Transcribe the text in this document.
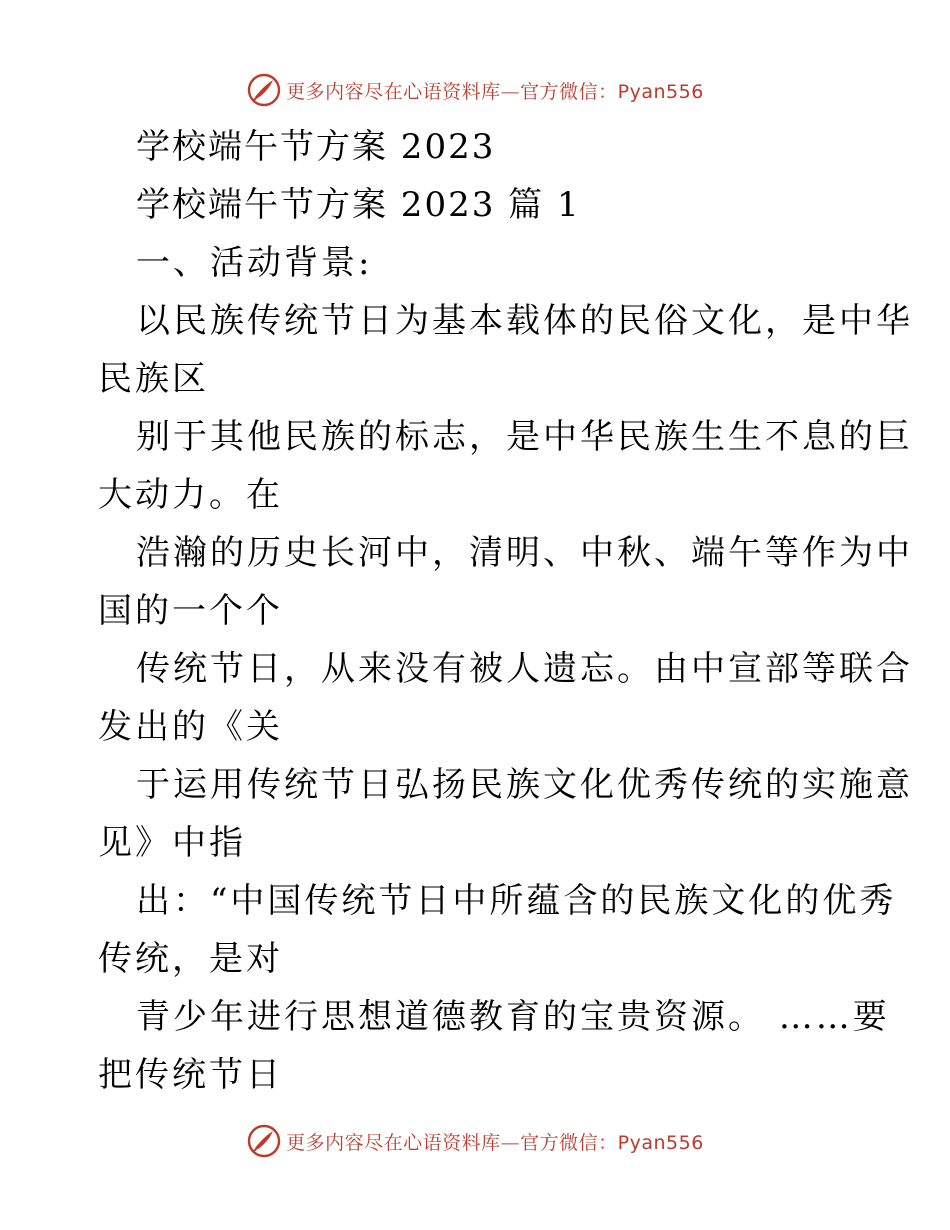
更多内容尽在心语资料库—官方微信：Pyan556
学校端午节方案 2023
学校端午节方案 2023 篇 1
一、活动背景:
以民族传统节日为基本载体的民俗文化，是中华
民族区
别于其他民族的标志，是中华民族生生不息的巨
大动力。在
浩瀚的历史长河中，清明、中秋、端午等作为中
国的一个个
传统节日，从来没有被人遗忘。由中宣部等联合
发出的《关
于运用传统节日弘扬民族文化优秀传统的实施意
见》中指
出：“中国传统节日中所蕴含的民族文化的优秀
传统，是对
青少年进行思想道德教育的宝贵资源。 ……要
把传统节日
更多内容尽在心语资料库—官方微信：Pyan556
